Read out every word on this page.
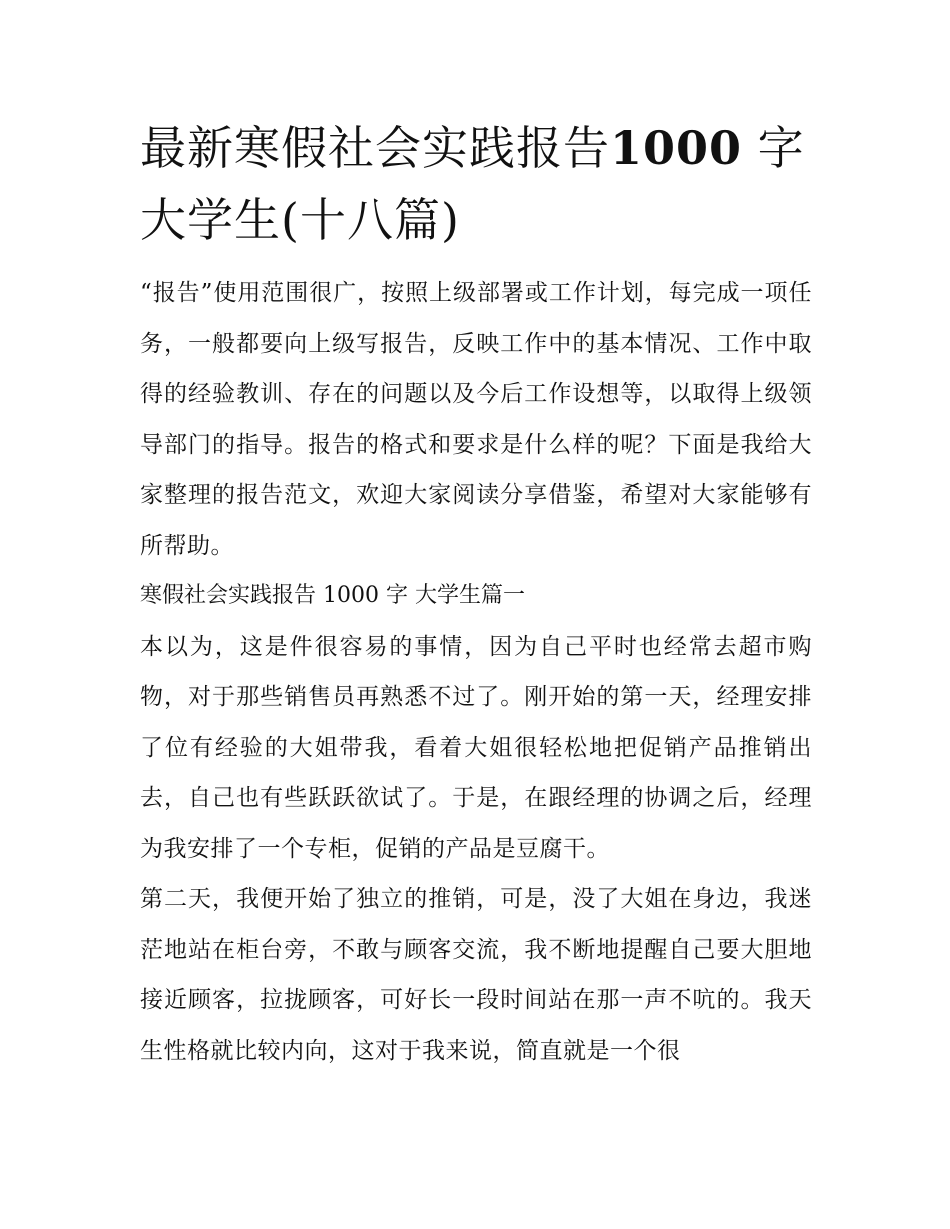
最新寒假社会实践报告1000 字大学生(十八篇)

“报告”使用范围很广，按照上级部署或工作计划，每完成一项任务，一般都要向上级写报告，反映工作中的基本情况、工作中取得的经验教训、存在的问题以及今后工作设想等，以取得上级领导部门的指导。报告的格式和要求是什么样的呢？下面是我给大家整理的报告范文，欢迎大家阅读分享借鉴，希望对大家能够有所帮助。

寒假社会实践报告 1000 字 大学生篇一

本以为，这是件很容易的事情，因为自己平时也经常去超市购物，对于那些销售员再熟悉不过了。刚开始的第一天，经理安排了位有经验的大姐带我，看着大姐很轻松地把促销产品推销出去，自己也有些跃跃欲试了。于是，在跟经理的协调之后，经理为我安排了一个专柜，促销的产品是豆腐干。

第二天，我便开始了独立的推销，可是，没了大姐在身边，我迷茫地站在柜台旁，不敢与顾客交流，我不断地提醒自己要大胆地接近顾客，拉拢顾客，可好长一段时间站在那一声不吭的。我天生性格就比较内向，这对于我来说，简直就是一个很
